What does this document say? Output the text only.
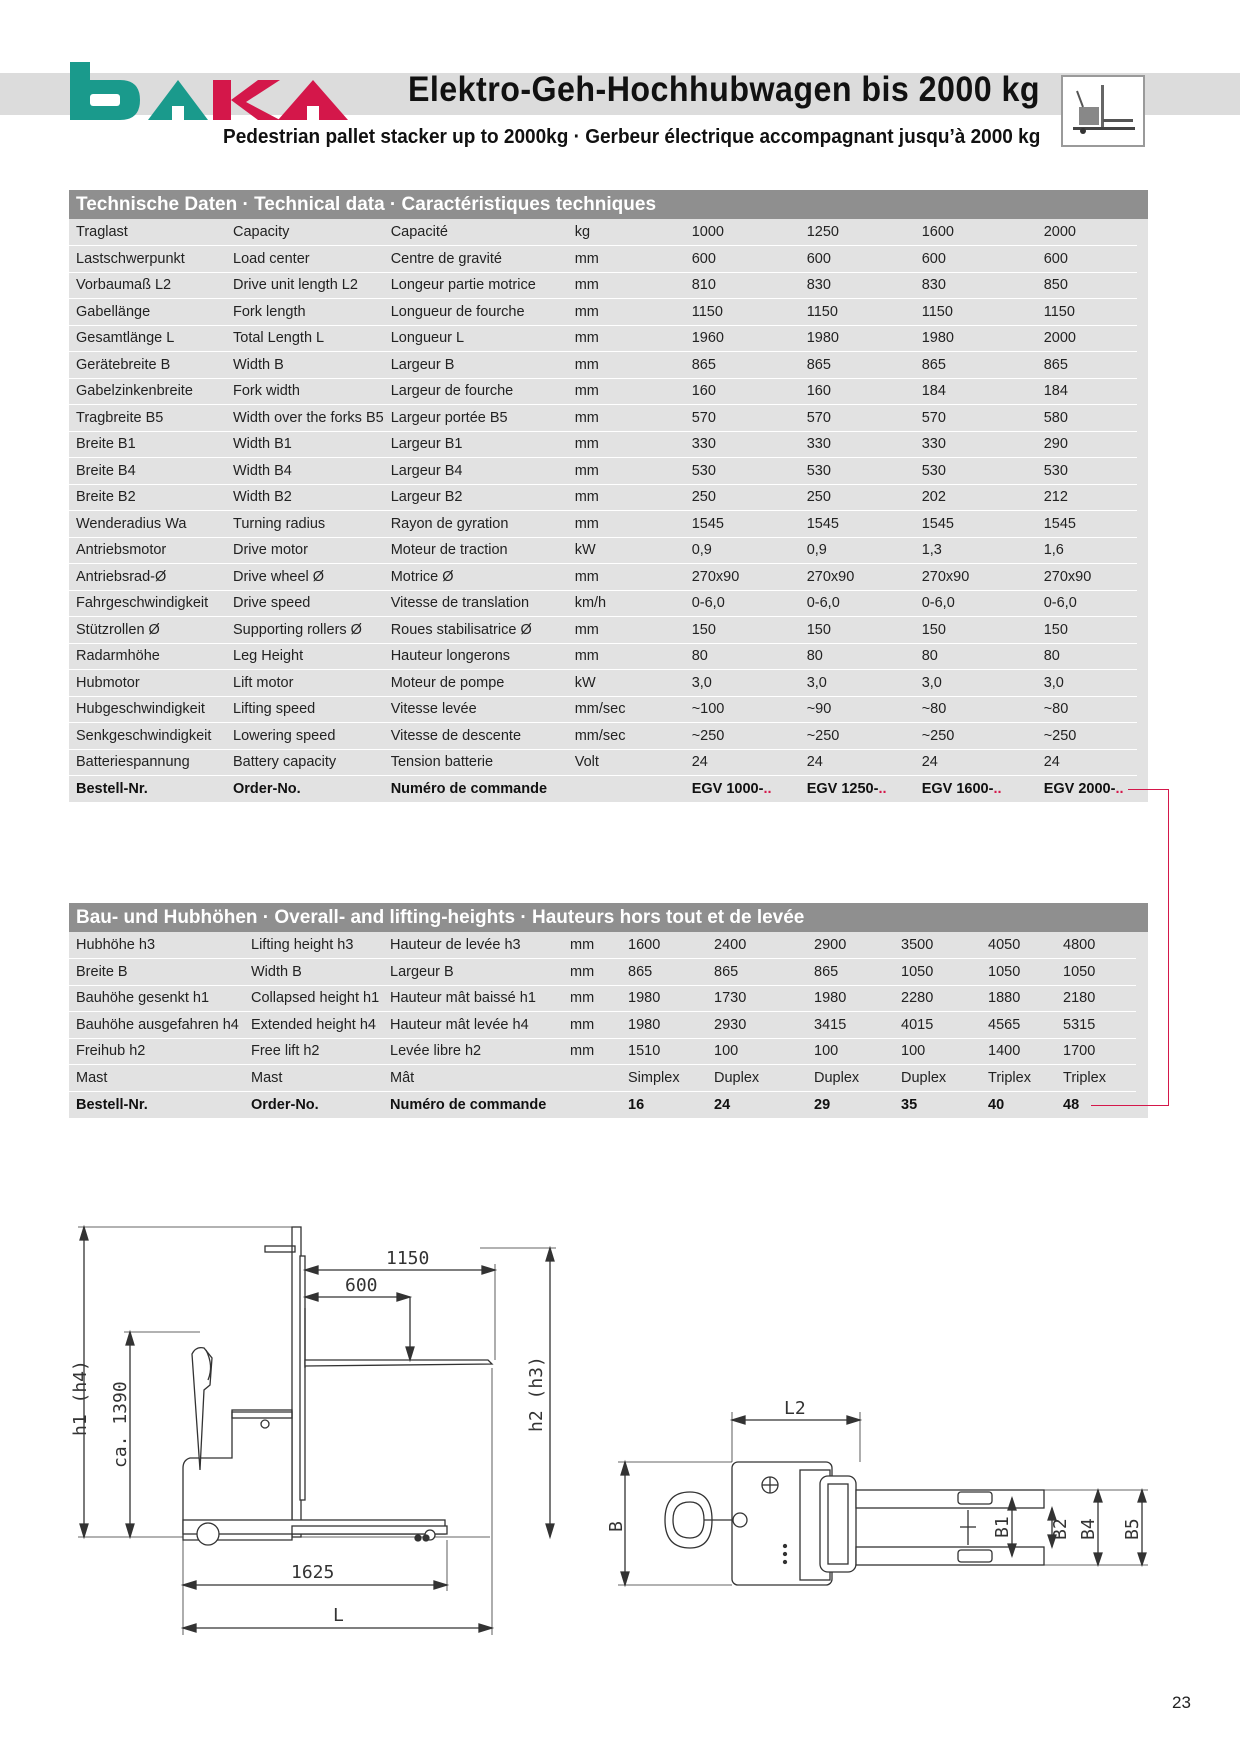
Elektro-Geh-Hochhubwagen bis 2000 kg
Pedestrian pallet stacker up to 2000kg · Gerbeur électrique accompagnant jusqu’à 2000 kg
Technische Daten · Technical data · Caractéristiques techniques
Traglast	Capacity	Capacité	kg	1000	1250	1600	2000
Lastschwerpunkt	Load center	Centre de gravité	mm	600	600	600	600
Vorbaumaß L2	Drive unit length L2	Longeur partie motrice	mm	810	830	830	850
Gabellänge	Fork length	Longueur de fourche	mm	1150	1150	1150	1150
Gesamtlänge L	Total Length L	Longueur L	mm	1960	1980	1980	2000
Gerätebreite B	Width B	Largeur B	mm	865	865	865	865
Gabelzinkenbreite	Fork width	Largeur de fourche	mm	160	160	184	184
Tragbreite B5	Width over the forks B5	Largeur portée B5	mm	570	570	570	580
Breite B1	Width B1	Largeur B1	mm	330	330	330	290
Breite B4	Width B4	Largeur B4	mm	530	530	530	530
Breite B2	Width B2	Largeur B2	mm	250	250	202	212
Wenderadius Wa	Turning radius	Rayon de gyration	mm	1545	1545	1545	1545
Antriebsmotor	Drive motor	Moteur de traction	kW	0,9	0,9	1,3	1,6
Antriebsrad-Ø	Drive wheel Ø	Motrice Ø	mm	270x90	270x90	270x90	270x90
Fahrgeschwindigkeit	Drive speed	Vitesse de translation	km/h	0-6,0	0-6,0	0-6,0	0-6,0
Stützrollen Ø	Supporting rollers Ø	Roues stabilisatrice Ø	mm	150	150	150	150
Radarmhöhe	Leg Height	Hauteur longerons	mm	80	80	80	80
Hubmotor	Lift motor	Moteur de pompe	kW	3,0	3,0	3,0	3,0
Hubgeschwindigkeit	Lifting speed	Vitesse levée	mm/sec	~100	~90	~80	~80
Senkgeschwindigkeit	Lowering speed	Vitesse de descente	mm/sec	~250	~250	~250	~250
Batteriespannung	Battery capacity	Tension batterie	Volt	24	24	24	24
Bestell-Nr.	Order-No.	Numéro de commande		EGV 1000-..	EGV 1250-..	EGV 1600-..	EGV 2000-..
Bau- und Hubhöhen · Overall- and lifting-heights · Hauteurs hors tout et de levée
Hubhöhe h3	Lifting height h3	Hauteur de levée h3	mm	1600	2400	2900	3500	4050	4800
Breite B	Width B	Largeur B	mm	865	865	865	1050	1050	1050
Bauhöhe gesenkt h1	Collapsed height h1	Hauteur mât baissé h1	mm	1980	1730	1980	2280	1880	2180
Bauhöhe ausgefahren h4	Extended height h4	Hauteur mât levée h4	mm	1980	2930	3415	4015	4565	5315
Freihub h2	Free lift h2	Levée libre h2	mm	1510	100	100	100	1400	1700
Mast	Mast	Mât		Simplex	Duplex	Duplex	Duplex	Triplex	Triplex
Bestell-Nr.	Order-No.	Numéro de commande		16	24	29	35	40	48
h1 (h4) ca. 1390	h2 (h3)
1150
600
1625
L
L2
B	B1 B2 B4 B5
23
